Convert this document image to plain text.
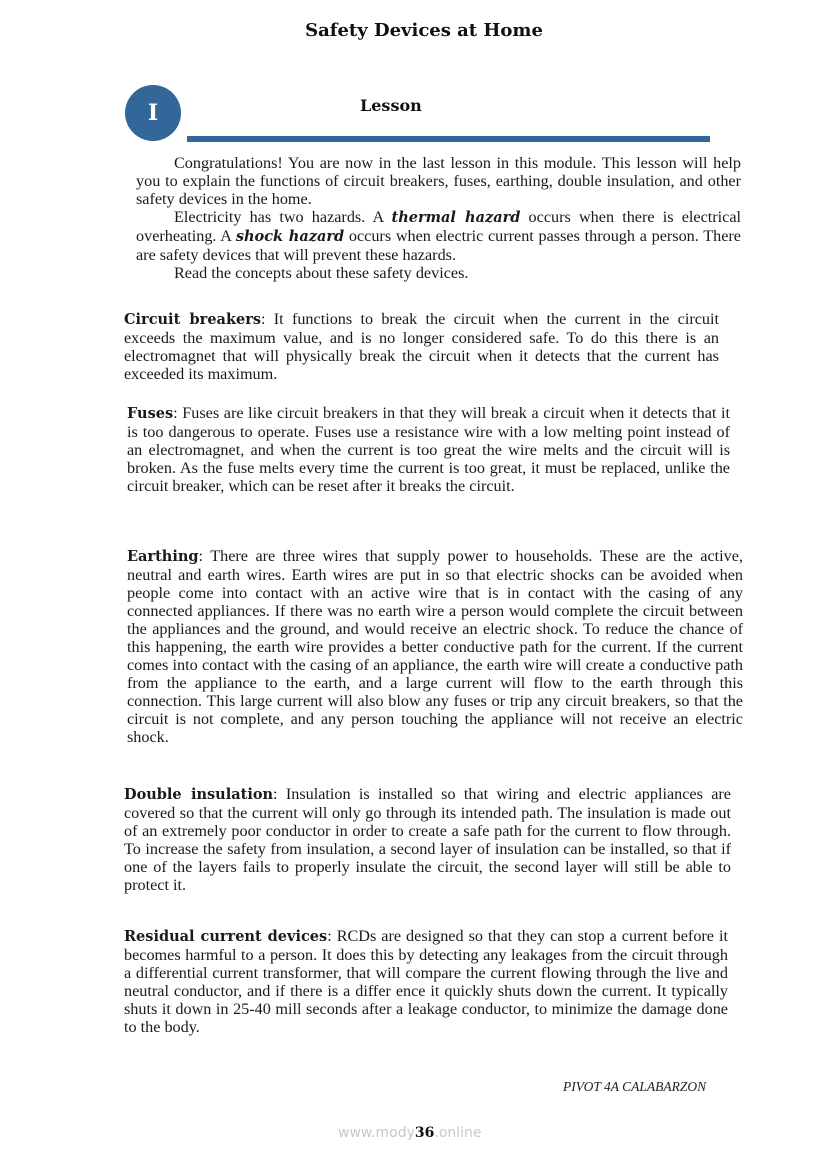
Safety Devices at Home
I	Lesson

Congratulations! You are now in the last lesson in this module. This lesson will help you to explain the functions of circuit breakers, fuses, earthing, double insulation, and other safety devices in the home.

Electricity has two hazards. A thermal hazard occurs when there is electrical overheating. A shock hazard occurs when electric current passes through a person. There are safety devices that will prevent these hazards.

Read the concepts about these safety devices.

Circuit breakers: It functions to break the circuit when the current in the circuit exceeds the maximum value, and is no longer considered safe. To do this there is an electromagnet that will physically break the circuit when it detects that the current has exceeded its maximum.

Fuses: Fuses are like circuit breakers in that they will break a circuit when it detects that it is too dangerous to operate. Fuses use a resistance wire with a low melting point instead of an electromagnet, and when the current is too great the wire melts and the circuit will is broken. As the fuse melts every time the current is too great, it must be replaced, unlike the circuit breaker, which can be reset after it breaks the circuit.

Earthing: There are three wires that supply power to households. These are the active, neutral and earth wires. Earth wires are put in so that electric shocks can be avoided when people come into contact with an active wire that is in contact with the casing of any connected appliances. If there was no earth wire a person would complete the circuit between the appliances and the ground, and would receive an electric shock. To reduce the chance of this happening, the earth wire provides a better conductive path for the current. If the current comes into contact with the casing of an appliance, the earth wire will create a conductive path from the appliance to the earth, and a large current will flow to the earth through this connection. This large current will also blow any fuses or trip any circuit breakers, so that the circuit is not complete, and any person touching the appliance will not receive an electric shock.

Double insulation: Insulation is installed so that wiring and electric appliances are covered so that the current will only go through its intended path. The insulation is made out of an extremely poor conductor in order to create a safe path for the current to flow through. To increase the safety from insulation, a second layer of insulation can be installed, so that if one of the layers fails to properly insulate the circuit, the second layer will still be able to protect it.

Residual current devices: RCDs are designed so that they can stop a current before it becomes harmful to a person. It does this by detecting any leakages from the circuit through a differential current transformer, that will compare the current flowing through the live and neutral conductor, and if there is a differ ence it quickly shuts down the current. It typically shuts it down in 25-40 mill seconds after a leakage conductor, to minimize the damage done to the body.

PIVOT 4A CALABARZON
www.mody36.online
